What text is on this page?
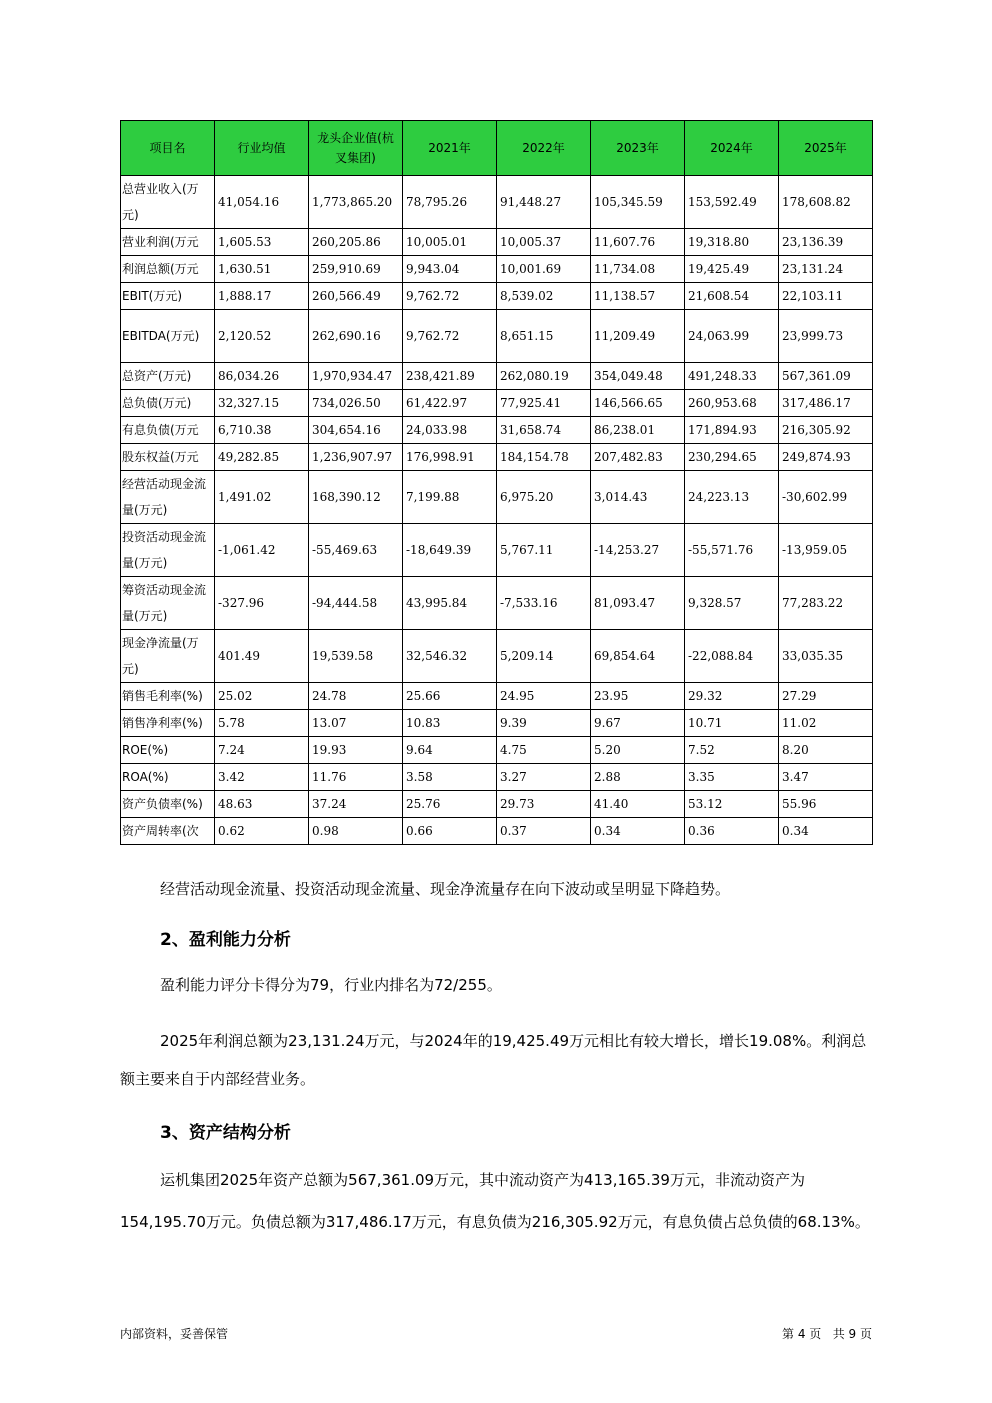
项目名	行业均值	龙头企业值(杭叉集团)	2021年	2022年	2023年	2024年	2025年
总营业收入(万元)	41,054.16	1,773,865.20	78,795.26	91,448.27	105,345.59	153,592.49	178,608.82
营业利润(万元	1,605.53	260,205.86	10,005.01	10,005.37	11,607.76	19,318.80	23,136.39
利润总额(万元	1,630.51	259,910.69	9,943.04	10,001.69	11,734.08	19,425.49	23,131.24
EBIT(万元)	1,888.17	260,566.49	9,762.72	8,539.02	11,138.57	21,608.54	22,103.11
EBITDA(万元)	2,120.52	262,690.16	9,762.72	8,651.15	11,209.49	24,063.99	23,999.73
总资产(万元)	86,034.26	1,970,934.47	238,421.89	262,080.19	354,049.48	491,248.33	567,361.09
总负债(万元)	32,327.15	734,026.50	61,422.97	77,925.41	146,566.65	260,953.68	317,486.17
有息负债(万元	6,710.38	304,654.16	24,033.98	31,658.74	86,238.01	171,894.93	216,305.92
股东权益(万元	49,282.85	1,236,907.97	176,998.91	184,154.78	207,482.83	230,294.65	249,874.93
经营活动现金流量(万元)	1,491.02	168,390.12	7,199.88	6,975.20	3,014.43	24,223.13	-30,602.99
投资活动现金流量(万元)	-1,061.42	-55,469.63	-18,649.39	5,767.11	-14,253.27	-55,571.76	-13,959.05
筹资活动现金流量(万元)	-327.96	-94,444.58	43,995.84	-7,533.16	81,093.47	9,328.57	77,283.22
现金净流量(万元)	401.49	19,539.58	32,546.32	5,209.14	69,854.64	-22,088.84	33,035.35
销售毛利率(%)	25.02	24.78	25.66	24.95	23.95	29.32	27.29
销售净利率(%)	5.78	13.07	10.83	9.39	9.67	10.71	11.02
ROE(%)	7.24	19.93	9.64	4.75	5.20	7.52	8.20
ROA(%)	3.42	11.76	3.58	3.27	2.88	3.35	3.47
资产负债率(%)	48.63	37.24	25.76	29.73	41.40	53.12	55.96
资产周转率(次	0.62	0.98	0.66	0.37	0.34	0.36	0.34
经营活动现金流量、投资活动现金流量、现金净流量存在向下波动或呈明显下降趋势。
2、盈利能力分析
盈利能力评分卡得分为79，行业内排名为72/255。
2025年利润总额为23,131.24万元，与2024年的19,425.49万元相比有较大增长，增长19.08%。利润总额主要来自于内部经营业务。
3、资产结构分析
运机集团2025年资产总额为567,361.09万元，其中流动资产为413,165.39万元，非流动资产为154,195.70万元。负债总额为317,486.17万元，有息负债为216,305.92万元，有息负债占总负债的68.13%。
内部资料，妥善保管	第 4 页   共 9 页
